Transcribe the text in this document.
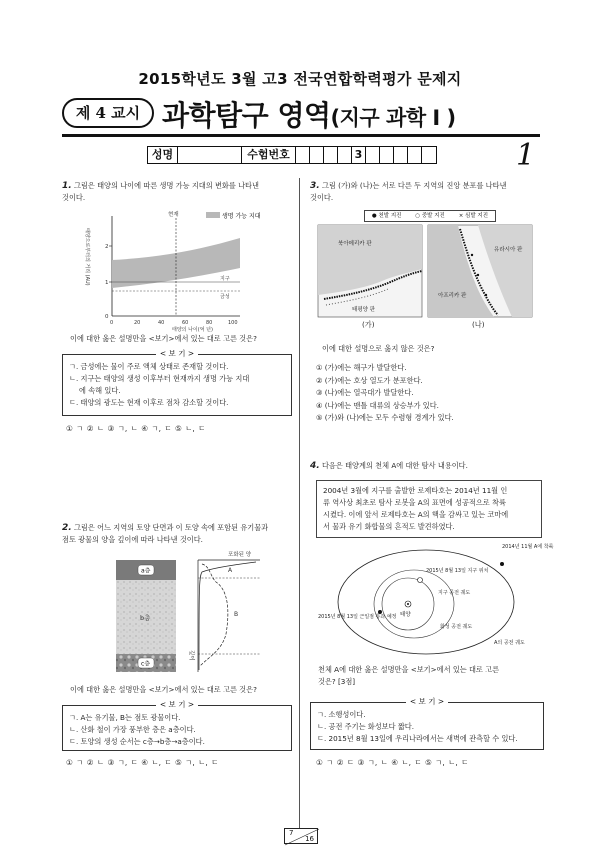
2015학년도 3월 고3 전국연합학력평가 문제지
제 4 교시 과학탐구 영역(지구 과학 I )
성명	수험번호	3	1
1. 그림은 태양의 나이에 따른 생명 가능 지대의 변화를 나타낸
것이다.
생명 가능 지대
현재
지구
금성
2
1
0
0	20	40	60	80	100
태양의 나이(억 년)
태양으로부터의 거리 (AU)
이에 대한 옳은 설명만을 <보기>에서 있는 대로 고른 것은?
< 보 기 >

ㄱ. 금성에는 물이 주로 액체 상태로 존재할 것이다.

ㄴ. 지구는 태양의 생성 이후부터 현재까지 생명 가능 지대

에 속해 있다.

ㄷ. 태양의 광도는 현재 이후로 점차 감소할 것이다.

① ㄱ ② ㄴ ③ ㄱ, ㄴ ④ ㄱ, ㄷ ⑤ ㄴ, ㄷ
2. 그림은 어느 지역의 토양 단면과 이 토양 속에 포함된 유기물과
점토 광물의 양을 깊이에 따라 나타낸 것이다.
a층
b층
c층
포화된 양
A
B
깊이
이에 대한 옳은 설명만을 <보기>에서 있는 대로 고른 것은?
< 보 기 >

ㄱ. A는 유기물, B는 점토 광물이다.

ㄴ. 산화 철이 가장 풍부한 층은 a층이다.

ㄷ. 토양의 생성 순서는 c층→b층→a층이다.

① ㄱ ② ㄴ ③ ㄱ, ㄷ ④ ㄴ, ㄷ ⑤ ㄱ, ㄴ, ㄷ
3. 그림 (가)와 (나)는 서로 다른 두 지역의 진앙 분포를 나타낸
것이다.
● 천발 지진	○ 중발 지진	× 심발 지진
북아메리카 판
태평양 판
유라시아 판
아프리카 판
(가)	(나)
이에 대한 설명으로 옳지 않은 것은?
① (가)에는 해구가 발달한다.
② (가)에는 호상 열도가 분포한다.
③ (나)에는 열곡대가 발달한다.
④ (나)에는 맨틀 대류의 상승부가 있다.
⑤ (가)와 (나)에는 모두 수렴형 경계가 있다.
4. 다음은 태양계의 천체 A에 대한 탐사 내용이다.
2004년 3월에 지구를 출발한 로제타호는 2014년 11월 인
류 역사상 최초로 탐사 로봇을 A의 표면에 성공적으로 착륙
시켰다. 이에 앞서 로제타호는 A의 핵을 감싸고 있는 코마에
서 물과 유기 화합물의 흔적도 발견하였다.
태양
2014년 11월 A에 착륙
2015년 8월 13일 지구 위치
지구 공전 궤도
2015년 8월 13일 근일점 통과 예정
화성 공전 궤도
A의 공전 궤도
천체 A에 대한 옳은 설명만을 <보기>에서 있는 대로 고른
것은? [3점]
< 보 기 >

ㄱ. 소행성이다.

ㄴ. 공전 주기는 화성보다 짧다.

ㄷ. 2015년 8월 13일에 우리나라에서는 새벽에 관측할 수 있다.

① ㄱ ② ㄷ ③ ㄱ, ㄴ ④ ㄴ, ㄷ ⑤ ㄱ, ㄴ, ㄷ
7
16
